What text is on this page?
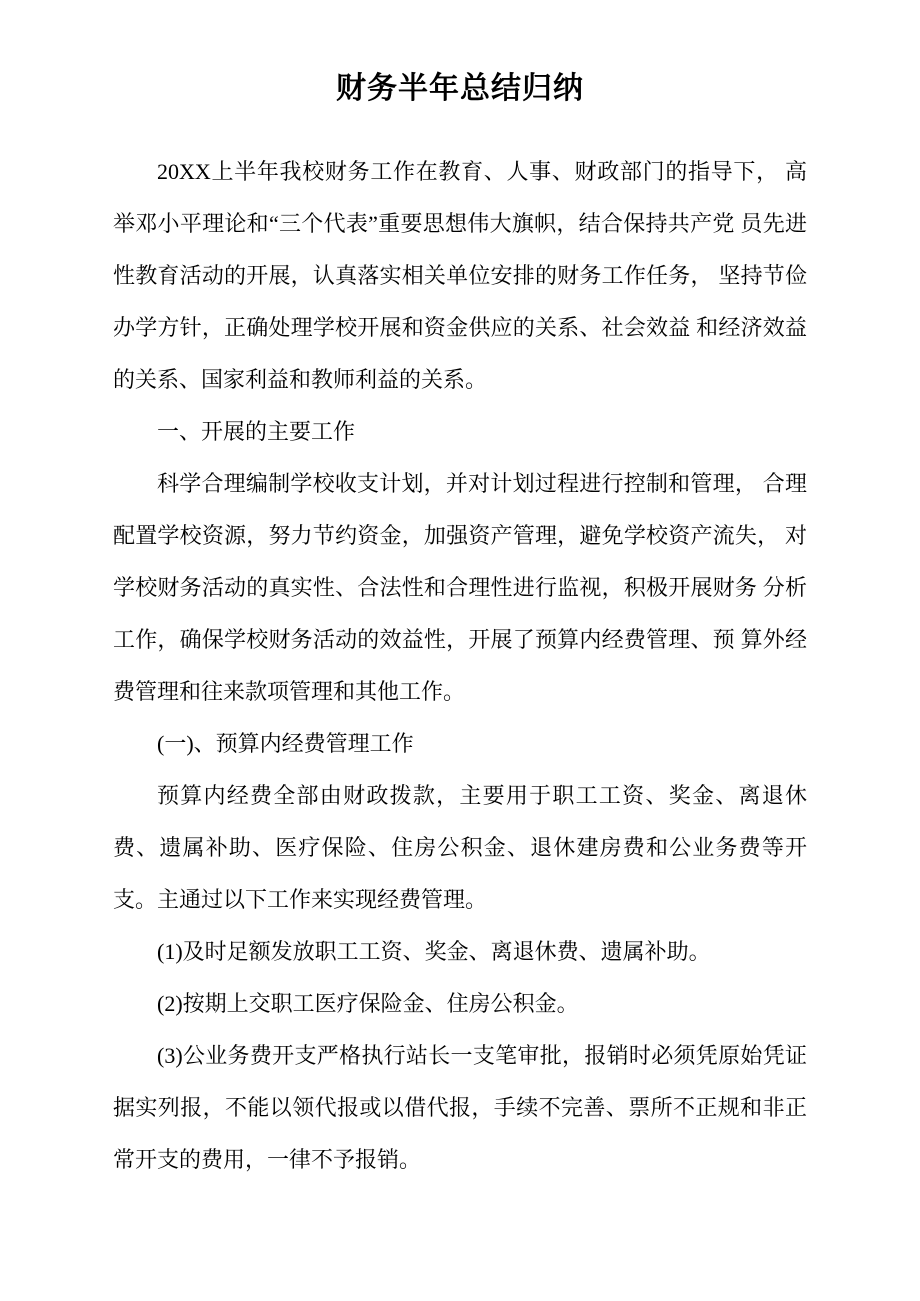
财务半年总结归纳

20XX上半年我校财务工作在教育、人事、财政部门的指导下， 高举邓小平理论和“三个代表”重要思想伟大旗帜，结合保持共产党 员先进性教育活动的开展，认真落实相关单位安排的财务工作任务， 坚持节俭办学方针，正确处理学校开展和资金供应的关系、社会效益 和经济效益的关系、国家利益和教师利益的关系。

一、开展的主要工作

科学合理编制学校收支计划，并对计划过程进行控制和管理， 合理配置学校资源，努力节约资金，加强资产管理，避免学校资产流失， 对学校财务活动的真实性、合法性和合理性进行监视，积极开展财务 分析工作，确保学校财务活动的效益性，开展了预算内经费管理、预 算外经费管理和往来款项管理和其他工作。

(一)、预算内经费管理工作

预算内经费全部由财政拨款，主要用于职工工资、奖金、离退休费、遗属补助、医疗保险、住房公积金、退休建房费和公业务费等开支。主通过以下工作来实现经费管理。

(1)及时足额发放职工工资、奖金、离退休费、遗属补助。

(2)按期上交职工医疗保险金、住房公积金。

(3)公业务费开支严格执行站长一支笔审批，报销时必须凭原始凭证据实列报，不能以领代报或以借代报，手续不完善、票所不正规和非正常开支的费用，一律不予报销。
